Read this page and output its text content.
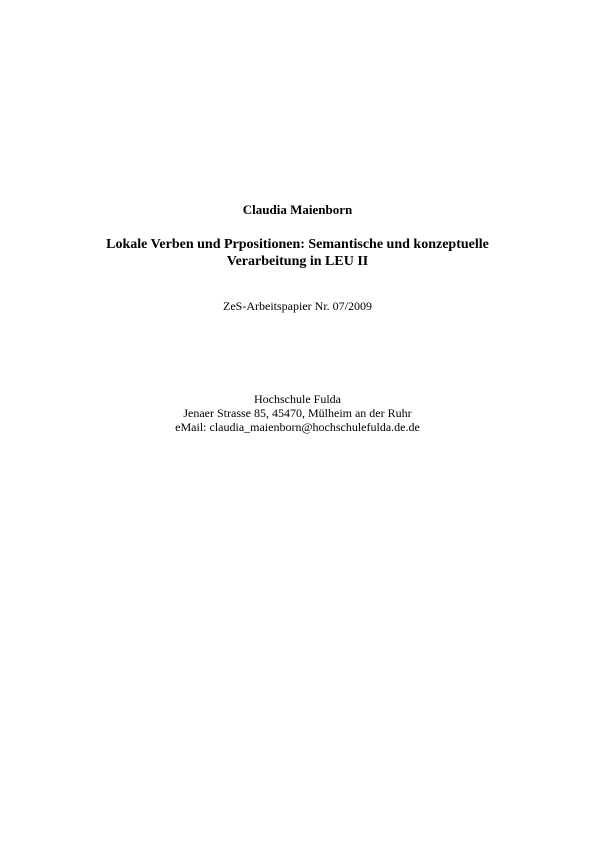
Claudia Maienborn
Lokale Verben und Prpositionen: Semantische und konzeptuelle
Verarbeitung in LEU II
ZeS-Arbeitspapier Nr. 07/2009
Hochschule Fulda
Jenaer Strasse 85, 45470, Mülheim an der Ruhr
eMail: claudia_maienborn@hochschulefulda.de.de
